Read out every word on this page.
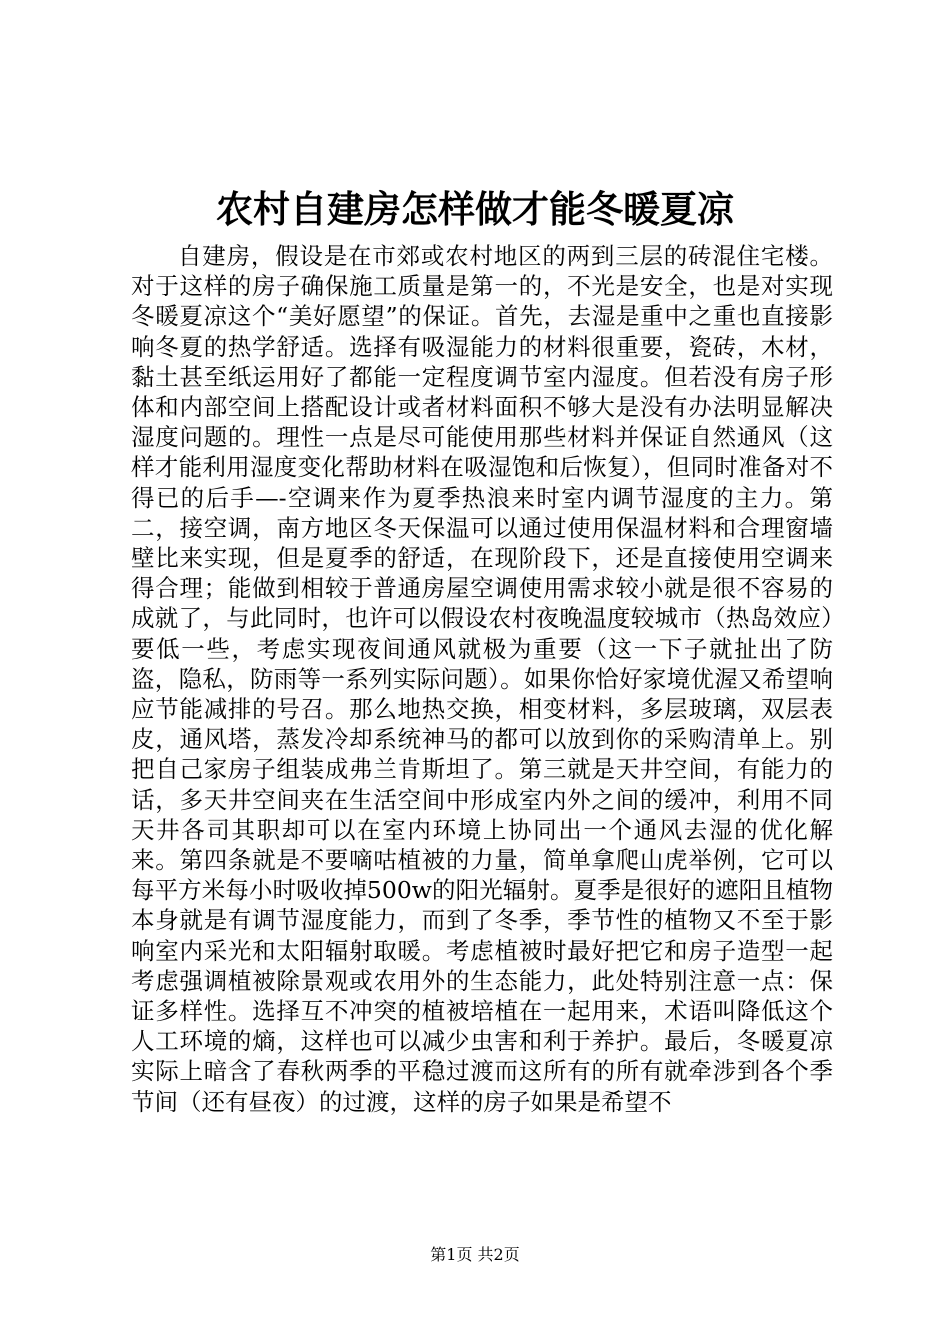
农村自建房怎样做才能冬暖夏凉

自建房，假设是在市郊或农村地区的两到三层的砖混住宅楼。对于这样的房子确保施工质量是第一的，不光是安全，也是对实现冬暖夏凉这个“美好愿望”的保证。首先，去湿是重中之重也直接影响冬夏的热学舒适。选择有吸湿能力的材料很重要，瓷砖，木材，黏土甚至纸运用好了都能一定程度调节室内湿度。但若没有房子形体和内部空间上搭配设计或者材料面积不够大是没有办法明显解决湿度问题的。理性一点是尽可能使用那些材料并保证自然通风（这样才能利用湿度变化帮助材料在吸湿饱和后恢复），但同时准备对不得已的后手—-空调来作为夏季热浪来时室内调节湿度的主力。第二，接空调，南方地区冬天保温可以通过使用保温材料和合理窗墙壁比来实现，但是夏季的舒适，在现阶段下，还是直接使用空调来得合理；能做到相较于普通房屋空调使用需求较小就是很不容易的成就了，与此同时，也许可以假设农村夜晚温度较城市（热岛效应）要低一些，考虑实现夜间通风就极为重要（这一下子就扯出了防盗，隐私，防雨等一系列实际问题）。如果你恰好家境优渥又希望响应节能减排的号召。那么地热交换，相变材料，多层玻璃，双层表皮，通风塔，蒸发冷却系统神马的都可以放到你的采购清单上。别把自己家房子组装成弗兰肯斯坦了。第三就是天井空间，有能力的话，多天井空间夹在生活空间中形成室内外之间的缓冲，利用不同天井各司其职却可以在室内环境上协同出一个通风去湿的优化解来。第四条就是不要嘀咕植被的力量，简单拿爬山虎举例，它可以每平方米每小时吸收掉500w的阳光辐射。夏季是很好的遮阳且植物本身就是有调节湿度能力，而到了冬季，季节性的植物又不至于影响室内采光和太阳辐射取暖。考虑植被时最好把它和房子造型一起考虑强调植被除景观或农用外的生态能力，此处特别注意一点：保证多样性。选择互不冲突的植被培植在一起用来，术语叫降低这个人工环境的熵，这样也可以减少虫害和利于养护。最后，冬暖夏凉实际上暗含了春秋两季的平稳过渡而这所有的所有就牵涉到各个季节间（还有昼夜）的过渡，这样的房子如果是希望不

第1页 共2页
